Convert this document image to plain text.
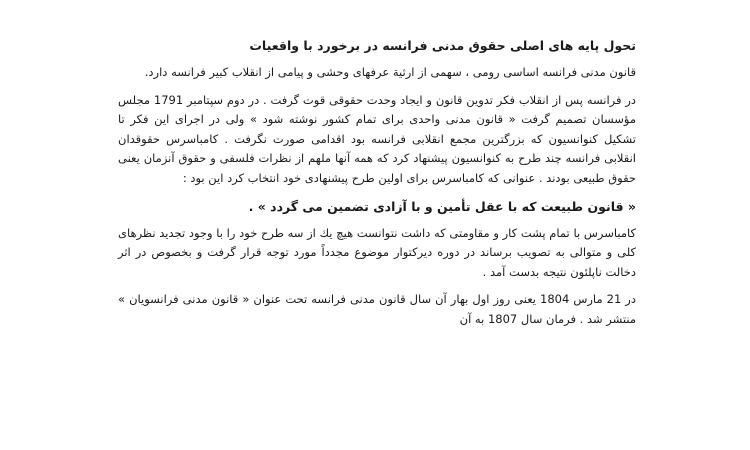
تحول پایه های اصلی حقوق مدنی فرانسه در برخورد با واقعیات

قانون مدنی فرانسه اساسی رومی ، سهمی از ارثیة عرفهای وحشی و پیامی از انقلاب کبیر فرانسه دارد.

در فرانسه پس از انقلاب فکر تدوین قانون و ایجاد وحدت حقوقی قوت گرفت . در دوم سپتامبر 1791 مجلس مؤسسان تصمیم گرفت « قانون مدنی واحدی برای تمام کشور نوشته شود » ولی در اجرای این فکر تا تشکیل کنوانسیون که بزرگترین مجمع انقلابی فرانسه بود اقدامی صورت نگرفت . کامباسرس حقوقدان انقلابی فرانسه چند طرح به کنوانسیون پیشنهاد کرد که همه آنها ملهم از نظرات فلسفی و حقوق آنزمان یعنی حقوق طبیعی بودند . عنوانی که کامباسرس برای اولین طرح پیشنهادی خود انتخاب کرد این بود :

« قانون طبیعت که با عقل تأمین و با آزادی تضمین می گردد » .

کامباسرس با تمام پشت کار و مقاومتی که داشت نتوانست هیچ یك از سه طرح خود را با وجود تجدید نظرهای کلی و متوالی به تصویب برساند در دوره دیرکتوار موضوع مجدداً مورد توجه قرار گرفت و بخصوص در اثر دخالت ناپلئون نتیجه بدست آمد .

در 21 مارس 1804 یعنی روز اول بهار آن سال قانون مدنی فرانسه تحت عنوان « قانون مدنی فرانسویان » منتشر شد . فرمان سال 1807 به آن
